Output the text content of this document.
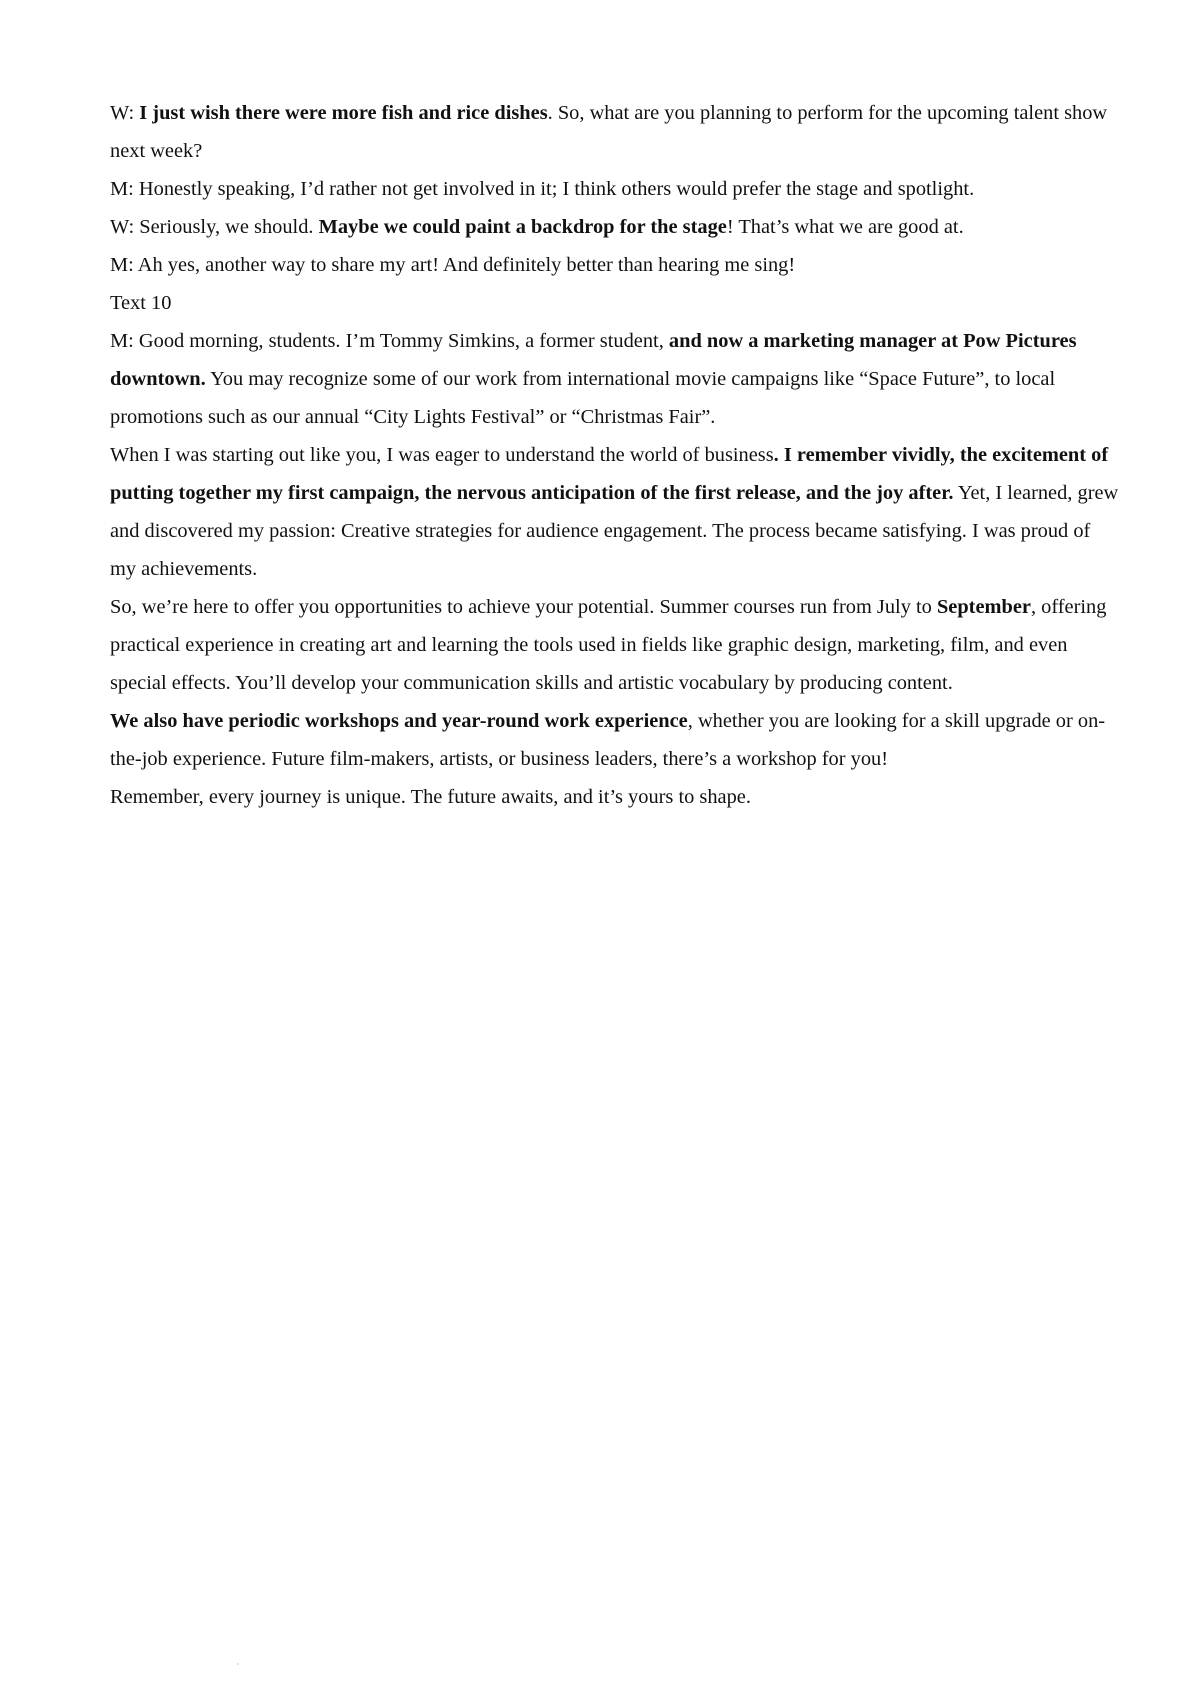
W: I just wish there were more fish and rice dishes. So, what are you planning to perform for the upcoming talent show next week?

M: Honestly speaking, I’d rather not get involved in it; I think others would prefer the stage and spotlight.

W: Seriously, we should. Maybe we could paint a backdrop for the stage! That’s what we are good at.

M: Ah yes, another way to share my art! And definitely better than hearing me sing!

Text 10

M: Good morning, students. I’m Tommy Simkins, a former student, and now a marketing manager at Pow Pictures downtown. You may recognize some of our work from international movie campaigns like “Space Future”, to local promotions such as our annual “City Lights Festival” or “Christmas Fair”.

When I was starting out like you, I was eager to understand the world of business. I remember vividly, the excitement of putting together my first campaign, the nervous anticipation of the first release, and the joy after. Yet, I learned, grew and discovered my passion: Creative strategies for audience engagement. The process became satisfying. I was proud of my achievements.

So, we’re here to offer you opportunities to achieve your potential. Summer courses run from July to September, offering practical experience in creating art and learning the tools used in fields like graphic design, marketing, film, and even special effects. You’ll develop your communication skills and artistic vocabulary by producing content.

We also have periodic workshops and year-round work experience, whether you are looking for a skill upgrade or on-the-job experience. Future film-makers, artists, or business leaders, there’s a workshop for you!

Remember, every journey is unique. The future awaits, and it’s yours to shape.
